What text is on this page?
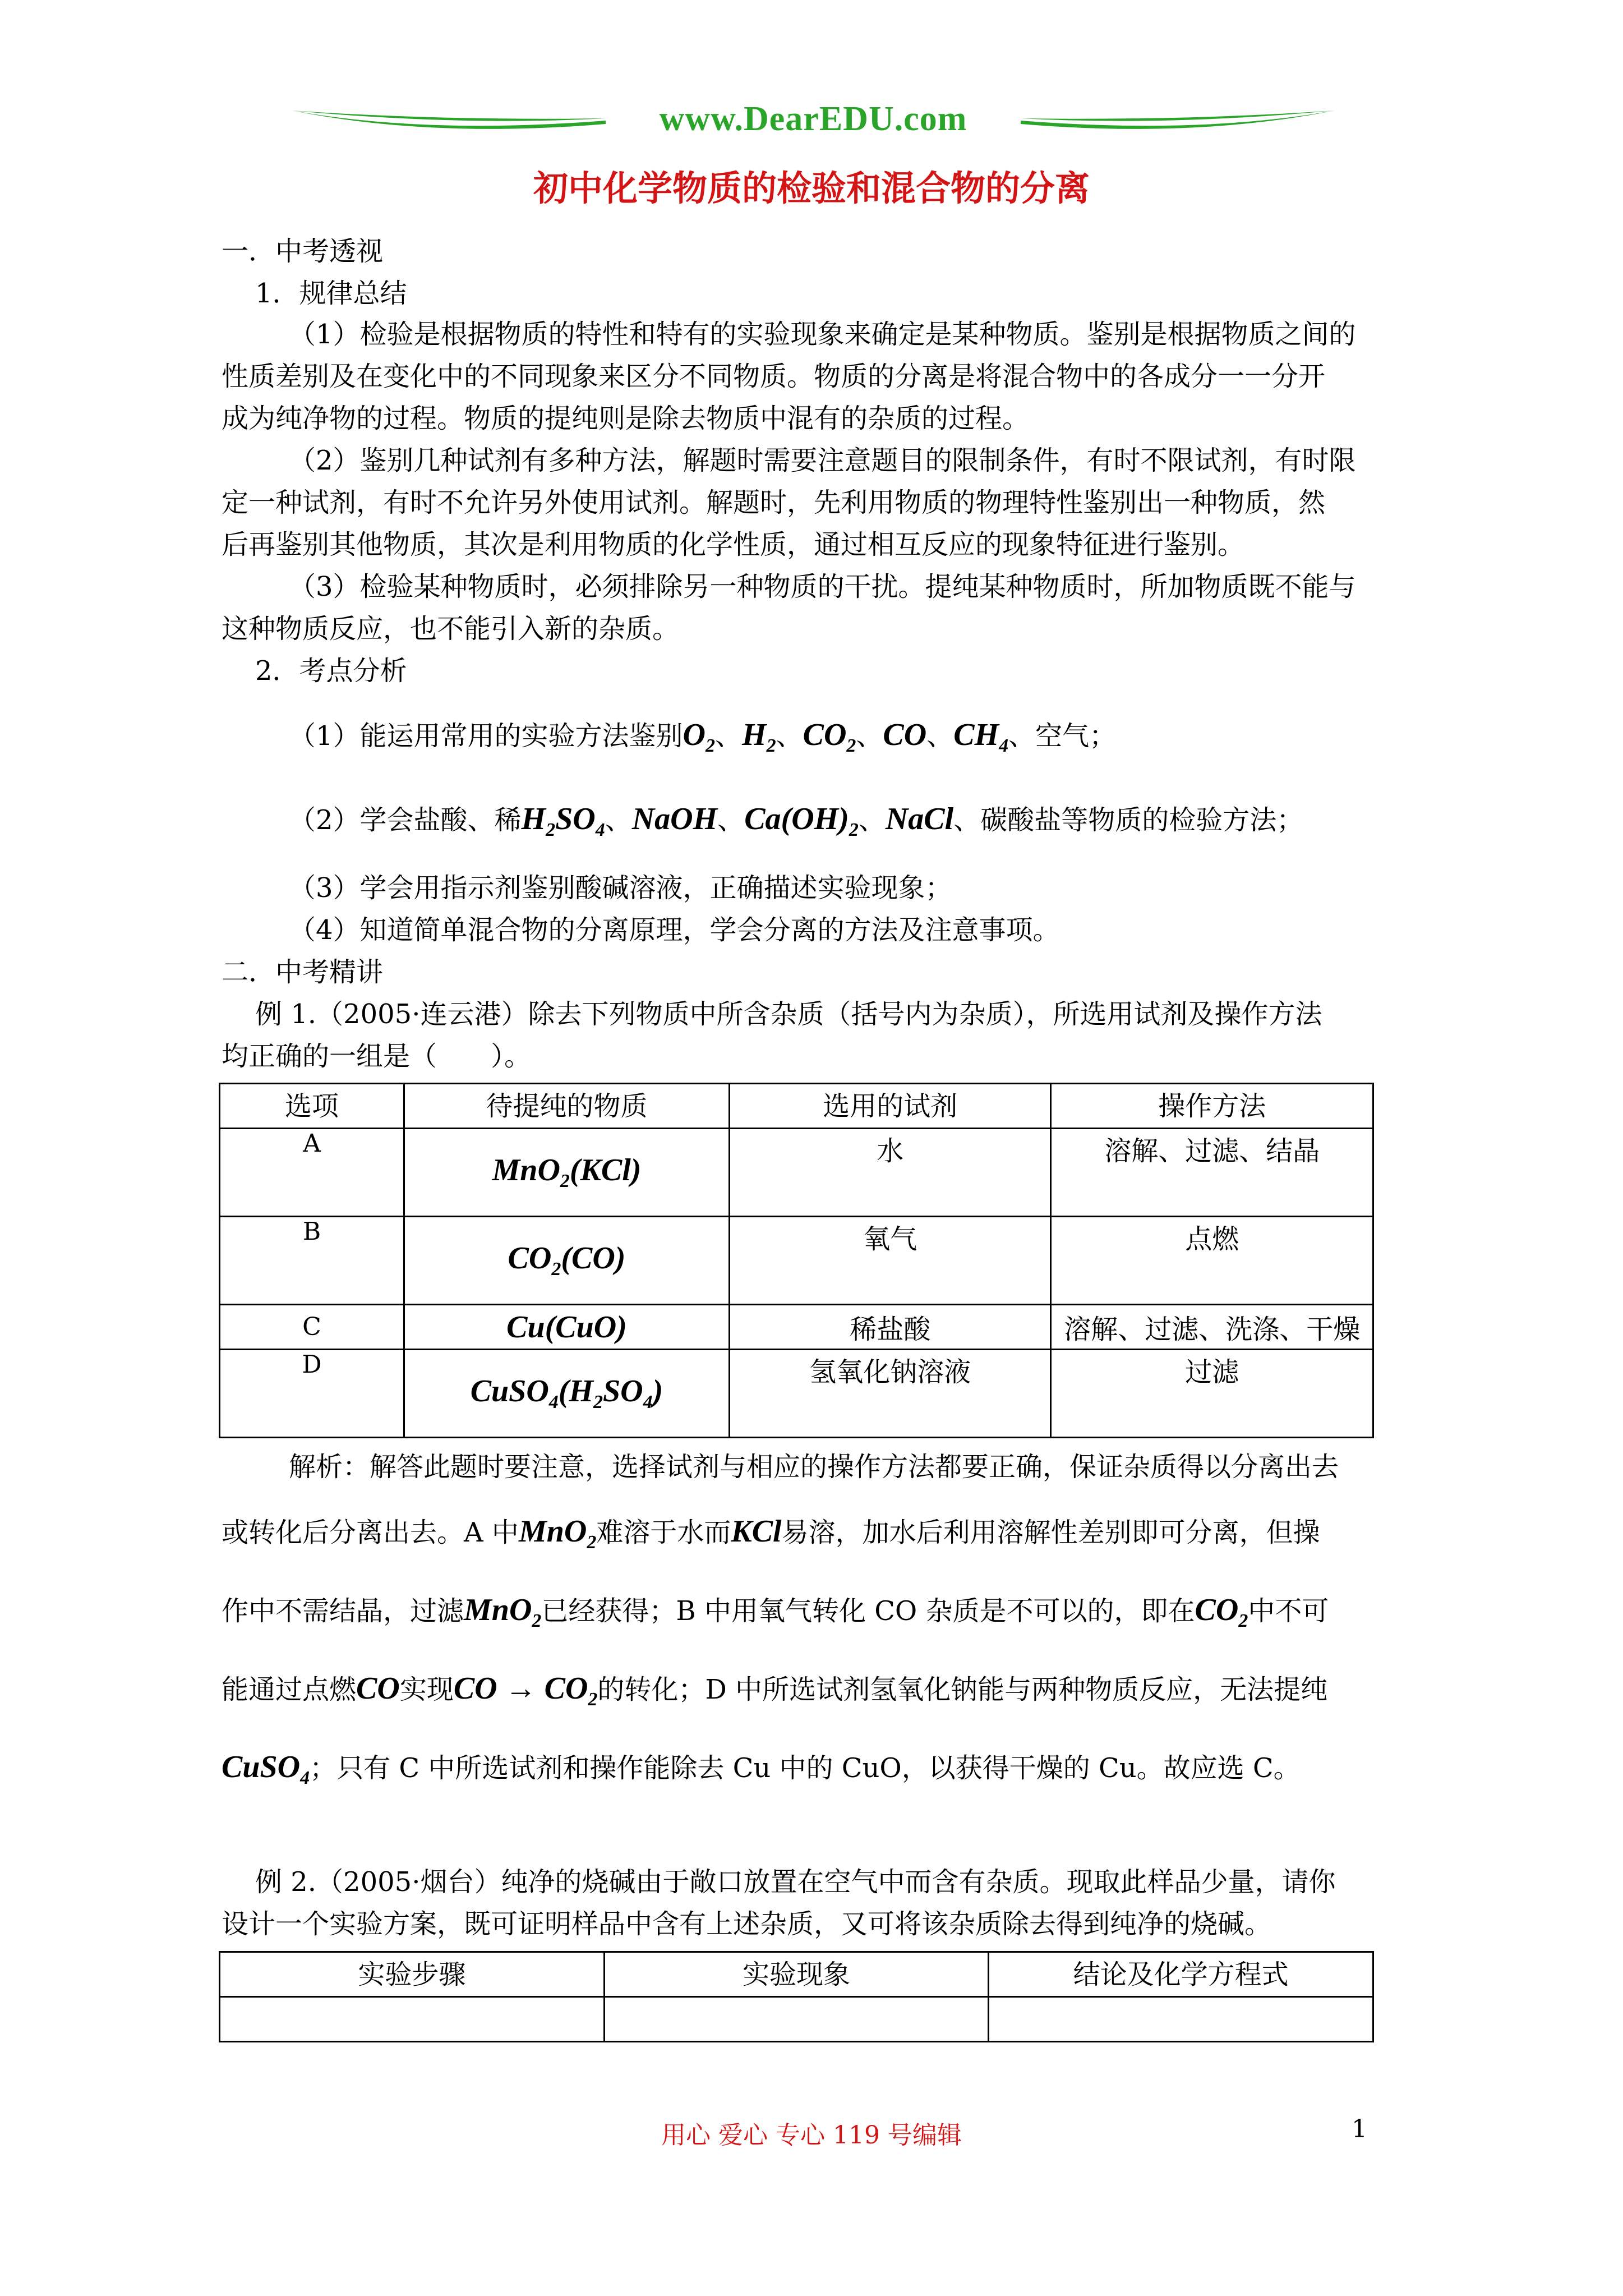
www.DearEDU.com
初中化学物质的检验和混合物的分离
一．中考透视
1．规律总结
（1）检验是根据物质的特性和特有的实验现象来确定是某种物质。鉴别是根据物质之间的
性质差别及在变化中的不同现象来区分不同物质。物质的分离是将混合物中的各成分一一分开
成为纯净物的过程。物质的提纯则是除去物质中混有的杂质的过程。
（2）鉴别几种试剂有多种方法，解题时需要注意题目的限制条件，有时不限试剂，有时限
定一种试剂，有时不允许另外使用试剂。解题时，先利用物质的物理特性鉴别出一种物质，然
后再鉴别其他物质，其次是利用物质的化学性质，通过相互反应的现象特征进行鉴别。
（3）检验某种物质时，必须排除另一种物质的干扰。提纯某种物质时，所加物质既不能与
这种物质反应，也不能引入新的杂质。
2．考点分析
（1）能运用常用的实验方法鉴别$O_2$、$H_2$、$CO_2$、CO、$CH_4$、空气；
（2）学会盐酸、稀$H_2SO_4$、NaOH、$Ca(OH)_2$、NaCl、碳酸盐等物质的检验方法；
（3）学会用指示剂鉴别酸碱溶液，正确描述实验现象；
（4）知道简单混合物的分离原理，学会分离的方法及注意事项。
二．中考精讲
例 1.（2005·连云港）除去下列物质中所含杂质（括号内为杂质），所选用试剂及操作方法
均正确的一组是（　　）。
选项	待提纯的物质	选用的试剂	操作方法
A	MnO$_2$(KCl)	水	溶解、过滤、结晶
B	$CO_2(CO)$	氧气	点燃
C	Cu(CuO)	稀盐酸	溶解、过滤、洗涤、干燥
D	$CuSO_4(H_2SO_4)$	氢氧化钠溶液	过滤
解析：解答此题时要注意，选择试剂与相应的操作方法都要正确，保证杂质得以分离出去
或转化后分离出去。A 中MnO$_2$难溶于水而KCl易溶，加水后利用溶解性差别即可分离，但操
作中不需结晶，过滤MnO$_2$已经获得；B 中用氧气转化 CO 杂质是不可以的，即在$CO_2$中不可
能通过点燃CO实现CO → $CO_2$的转化；D 中所选试剂氢氧化钠能与两种物质反应，无法提纯
CuSO$_4$；只有 C 中所选试剂和操作能除去 Cu 中的 CuO，以获得干燥的 Cu。故应选 C。
例 2.（2005·烟台）纯净的烧碱由于敞口放置在空气中而含有杂质。现取此样品少量，请你
设计一个实验方案，既可证明样品中含有上述杂质，又可将该杂质除去得到纯净的烧碱。
实验步骤	实验现象	结论及化学方程式

用心 爱心 专心 119 号编辑	1
